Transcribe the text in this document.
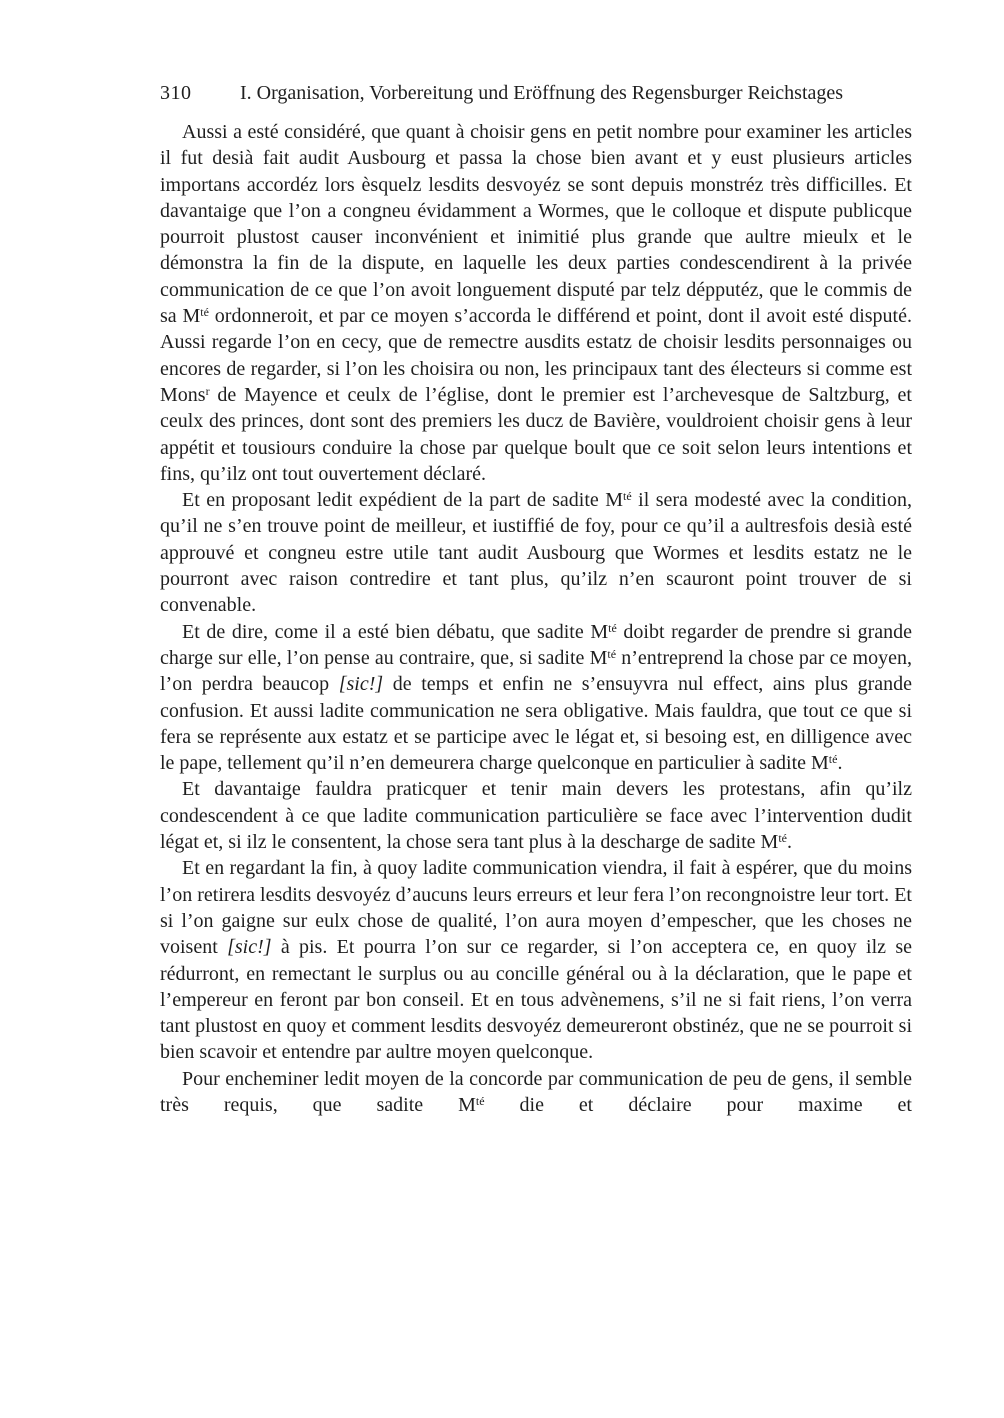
310	I. Organisation, Vorbereitung und Eröffnung des Regensburger Reichstages

Aussi a esté considéré, que quant à choisir gens en petit nombre pour examiner les articles il fut desià fait audit Ausbourg et passa la chose bien avant et y eust plusieurs articles importans accordéz lors èsquelz lesdits desvoyéz se sont depuis monstréz très difficilles. Et davantaige que l’on a congneu évidamment a Wormes, que le colloque et dispute publicque pourroit plustost causer inconvénient et inimitié plus grande que aultre mieulx et le démonstra la fin de la dispute, en laquelle les deux parties condescendirent à la privée communication de ce que l’on avoit longuement disputé par telz dépputéz, que le commis de sa $M^{té}$ ordonneroit, et par ce moyen s’accorda le différend et point, dont il avoit esté disputé. Aussi regarde l’on en cecy, que de remectre ausdits estatz de choisir lesdits personnaiges ou encores de regarder, si l’on les choisira ou non, les principaux tant des électeurs si comme est Mons$^r$ de Mayence et ceulx de l’église, dont le premier est l’archevesque de Saltzburg, et ceulx des princes, dont sont des premiers les ducz de Bavière, vouldroient choisir gens à leur appétit et tousiours conduire la chose par quelque boult que ce soit selon leurs intentions et fins, qu’ilz ont tout ouvertement déclaré.

Et en proposant ledit expédient de la part de sadite $M^{té}$ il sera modesté avec la condition, qu’il ne s’en trouve point de meilleur, et iustiffié de foy, pour ce qu’il a aultresfois desià esté approuvé et congneu estre utile tant audit Ausbourg que Wormes et lesdits estatz ne le pourront avec raison contredire et tant plus, qu’ilz n’en scauront point trouver de si convenable.

Et de dire, come il a esté bien débatu, que sadite $M^{té}$ doibt regarder de prendre si grande charge sur elle, l’on pense au contraire, que, si sadite $M^{té}$ n’entreprend la chose par ce moyen, l’on perdra beaucop [sic!] de temps et enfin ne s’ensuyvra nul effect, ains plus grande confusion. Et aussi ladite communication ne sera obligative. Mais fauldra, que tout ce que si fera se représente aux estatz et se participe avec le légat et, si besoing est, en dilligence avec le pape, tellement qu’il n’en demeurera charge quelconque en particulier à sadite $M^{té}$.

Et davantaige fauldra praticquer et tenir main devers les protestans, afin qu’ilz condescendent à ce que ladite communication particulière se face avec l’intervention dudit légat et, si ilz le consentent, la chose sera tant plus à la descharge de sadite $M^{té}$.

Et en regardant la fin, à quoy ladite communication viendra, il fait à espérer, que du moins l’on retirera lesdits desvoyéz d’aucuns leurs erreurs et leur fera l’on recongnoistre leur tort. Et si l’on gaigne sur eulx chose de qualité, l’on aura moyen d’empescher, que les choses ne voisent [sic!] à pis. Et pourra l’on sur ce regarder, si l’on acceptera ce, en quoy ilz se rédurront, en remectant le surplus ou au concille général ou à la déclaration, que le pape et l’empereur en feront par bon conseil. Et en tous advènemens, s’il ne si fait riens, l’on verra tant plustost en quoy et comment lesdits desvoyéz demeureront obstinéz, que ne se pourroit si bien scavoir et entendre par aultre moyen quelconque.

Pour encheminer ledit moyen de la concorde par communication de peu de gens, il semble très requis, que sadite $M^{té}$ die et déclaire pour maxime et
